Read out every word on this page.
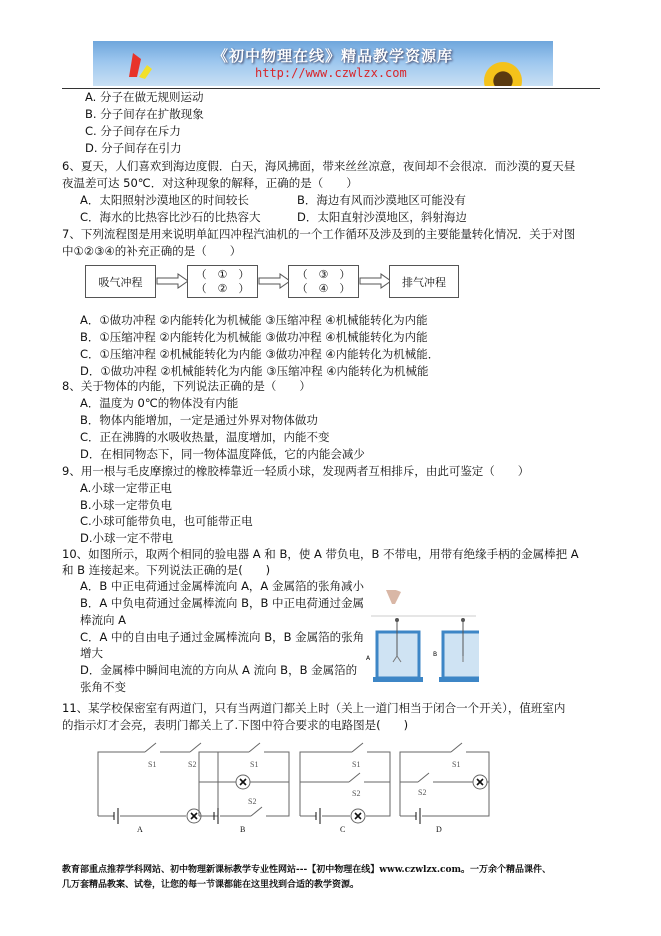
《初中物理在线》精品教学资源库
http://www.czwlzx.com
A. 分子在做无规则运动
B. 分子间存在扩散现象
C. 分子间存在斥力
D. 分子间存在引力
6、夏天，人们喜欢到海边度假．白天，海风拂面，带来丝丝凉意，夜间却不会很凉．而沙漠的夏天昼
夜温差可达 50℃．对这种现象的解释，正确的是（　　）
A．太阳照射沙漠地区的时间较长	B．海边有风而沙漠地区可能没有
C．海水的比热容比沙石的比热容大	D．太阳直射沙漠地区，斜射海边
7、下列流程图是用来说明单缸四冲程汽油机的一个工作循环及涉及到的主要能量转化情况．关于对图
中①②③④的补充正确的是（　　）
吸气冲程
（　①　）
（　②　）
（　③　）
（　④　）	排气冲程
A．①做功冲程 ②内能转化为机械能 ③压缩冲程 ④机械能转化为内能
B．①压缩冲程 ②内能转化为机械能 ③做功冲程 ④机械能转化为内能
C．①压缩冲程 ②机械能转化为内能 ③做功冲程 ④内能转化为机械能．
D．①做功冲程 ②机械能转化为内能 ③压缩冲程 ④内能转化为机械能
8、关于物体的内能，下列说法正确的是（　　）
A．温度为 0℃的物体没有内能
B．物体内能增加，一定是通过外界对物体做功
C．正在沸腾的水吸收热量，温度增加，内能不变
D．在相同物态下，同一物体温度降低，它的内能会减少
9、用一根与毛皮摩擦过的橡胶棒靠近一轻质小球，发现两者互相排斥，由此可鉴定（　　）
A.小球一定带正电
B.小球一定带负电
C.小球可能带负电，也可能带正电
D.小球一定不带电
10、如图所示，取两个相同的验电器 A 和 B，使 A 带负电，B 不带电，用带有绝缘手柄的金属棒把 A
和 B 连接起来。下列说法正确的是(　　)
A．B 中正电荷通过金属棒流向 A，A 金属箔的张角减小
B．A 中负电荷通过金属棒流向 B，B 中正电荷通过金属
棒流向 A
C．A 中的自由电子通过金属棒流向 B，B 金属箔的张角
增大
D．金属棒中瞬间电流的方向从 A 流向 B，B 金属箔的
张角不变
A
B
11、某学校保密室有两道门，只有当两道门都关上时（关上一道门相当于闭合一个开关），值班室内
的指示灯才会亮，表明门都关上了.下图中符合要求的电路图是(　　)
S1	S2
A
S1
S2
B
S1
S2
C
S1
S2
D
教育部重点推荐学科网站、初中物理新课标教学专业性网站---【初中物理在线】www.czwlzx.com。一万余个精品课件、
几万套精品教案、试卷，让您的每一节课都能在这里找到合适的教学资源。
